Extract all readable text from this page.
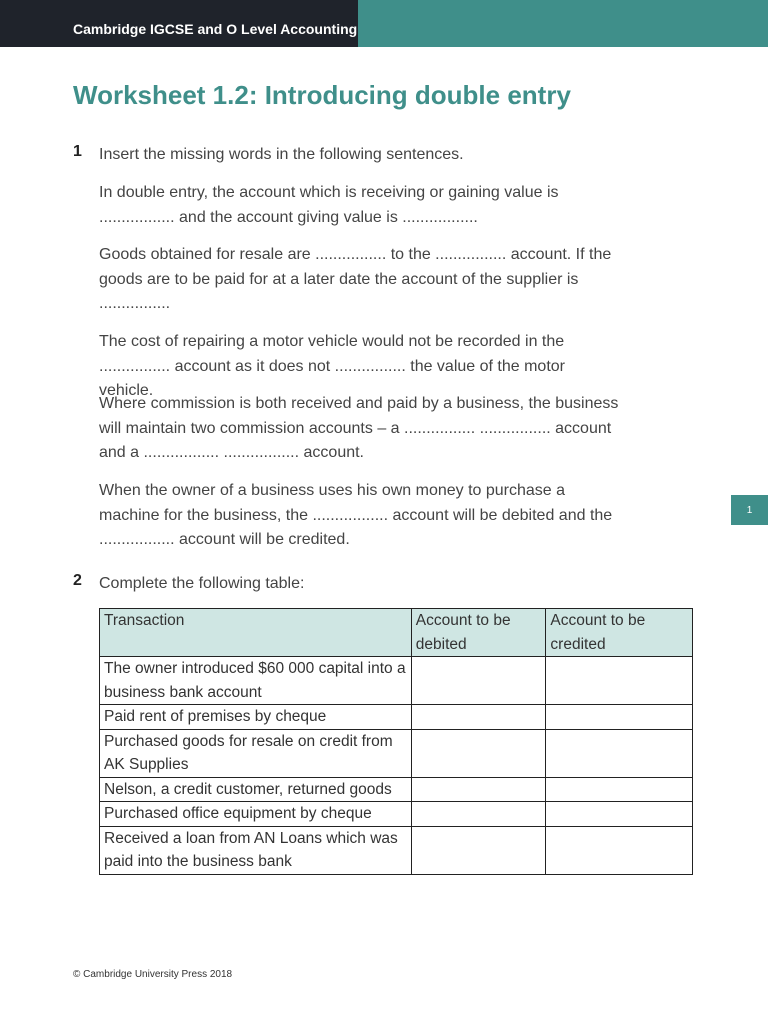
Cambridge IGCSE and O Level Accounting
Worksheet 1.2: Introducing double entry
1 Insert the missing words in the following sentences.
In double entry, the account which is receiving or gaining value is ................. and the account giving value is .................
Goods obtained for resale are ................ to the ................ account. If the goods are to be paid for at a later date the account of the supplier is ................
The cost of repairing a motor vehicle would not be recorded in the ................ account as it does not ................ the value of the motor vehicle.
Where commission is both received and paid by a business, the business will maintain two commission accounts – a ................ ................ account and a ................. ................. account.
When the owner of a business uses his own money to purchase a machine for the business, the ................. account will be debited and the ................. account will be credited.
2 Complete the following table:
Transaction	Account to be debited	Account to be credited
The owner introduced $60 000 capital into a business bank account		
Paid rent of premises by cheque		
Purchased goods for resale on credit from AK Supplies		
Nelson, a credit customer, returned goods		
Purchased office equipment by cheque		
Received a loan from AN Loans which was paid into the business bank		
1
© Cambridge University Press 2018
